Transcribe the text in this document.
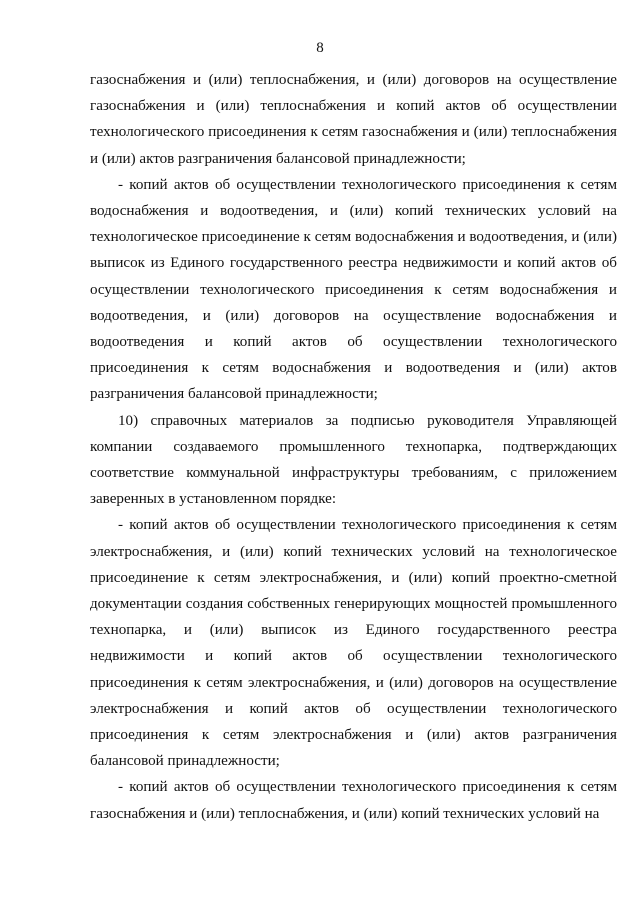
8

газоснабжения и (или) теплоснабжения, и (или) договоров на осуществление газоснабжения и (или) теплоснабжения и копий актов об осуществлении технологического присоединения к сетям газоснабжения и (или) теплоснабжения и (или) актов разграничения балансовой принадлежности;

- копий актов об осуществлении технологического присоединения к сетям водоснабжения и водоотведения, и (или) копий технических условий на технологическое присоединение к сетям водоснабжения и водоотведения, и (или) выписок из Единого государственного реестра недвижимости и копий актов об осуществлении технологического присоединения к сетям водоснабжения и водоотведения, и (или) договоров на осуществление водоснабжения и водоотведения и копий актов об осуществлении технологического присоединения к сетям водоснабжения и водоотведения и (или) актов разграничения балансовой принадлежности;

10) справочных материалов за подписью руководителя Управляющей компании создаваемого промышленного технопарка, подтверждающих соответствие коммунальной инфраструктуры требованиям, с приложением заверенных в установленном порядке:

- копий актов об осуществлении технологического присоединения к сетям электроснабжения, и (или) копий технических условий на технологическое присоединение к сетям электроснабжения, и (или) копий проектно-сметной документации создания собственных генерирующих мощностей промышленного технопарка, и (или) выписок из Единого государственного реестра недвижимости и копий актов об осуществлении технологического присоединения к сетям электроснабжения, и (или) договоров на осуществление электроснабжения и копий актов об осуществлении технологического присоединения к сетям электроснабжения и (или) актов разграничения балансовой принадлежности;

- копий актов об осуществлении технологического присоединения к сетям газоснабжения и (или) теплоснабжения, и (или) копий технических условий на
